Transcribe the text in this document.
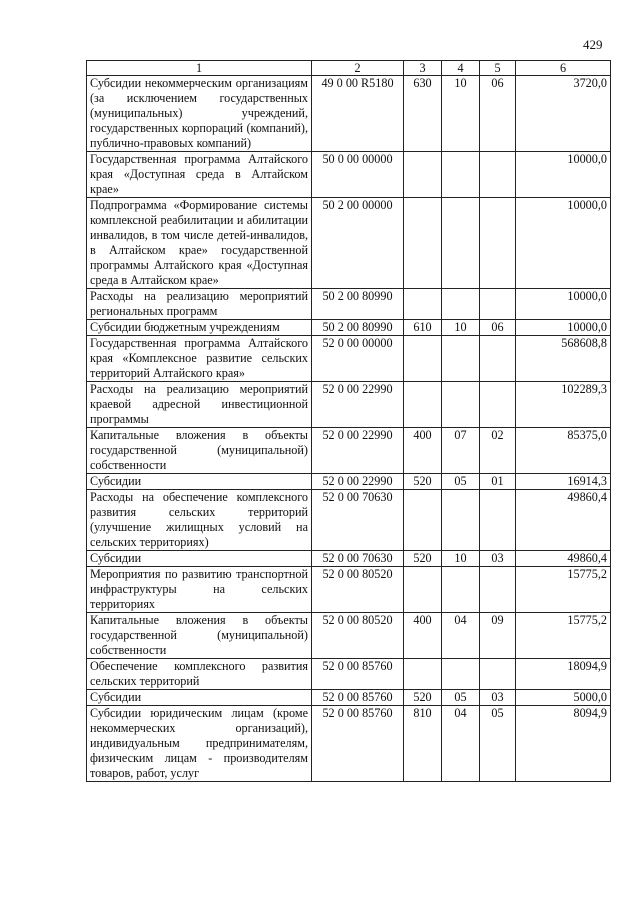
429
1	2	3	4	5	6
Субсидии некоммерческим организациям (за исключением государственных (муниципальных) учреждений, государственных корпораций (компаний), публично-правовых компаний)	49 0 00 R5180	630	10	06	3720,0
Государственная программа Алтайского края «Доступная среда в Алтайском крае»	50 0 00 00000				10000,0
Подпрограмма «Формирование системы комплексной реабилитации и абилитации инвалидов, в том числе детей-инвалидов, в Алтайском крае» государственной программы Алтайского края «Доступная среда в Алтайском крае»	50 2 00 00000				10000,0
Расходы на реализацию мероприятий региональных программ	50 2 00 80990				10000,0
Субсидии бюджетным учреждениям	50 2 00 80990	610	10	06	10000,0
Государственная программа Алтайского края «Комплексное развитие сельских территорий Алтайского края»	52 0 00 00000				568608,8
Расходы на реализацию мероприятий краевой адресной инвестиционной программы	52 0 00 22990				102289,3
Капитальные вложения в объекты государственной (муниципальной) собственности	52 0 00 22990	400	07	02	85375,0
Субсидии	52 0 00 22990	520	05	01	16914,3
Расходы на обеспечение комплексного развития сельских территорий (улучшение жилищных условий на сельских территориях)	52 0 00 70630				49860,4
Субсидии	52 0 00 70630	520	10	03	49860,4
Мероприятия по развитию транспортной инфраструктуры на сельских территориях	52 0 00 80520				15775,2
Капитальные вложения в объекты государственной (муниципальной) собственности	52 0 00 80520	400	04	09	15775,2
Обеспечение комплексного развития сельских территорий	52 0 00 85760				18094,9
Субсидии	52 0 00 85760	520	05	03	5000,0
Субсидии юридическим лицам (кроме некоммерческих организаций), индивидуальным предпринимателям, физическим лицам - производителям товаров, работ, услуг	52 0 00 85760	810	04	05	8094,9
